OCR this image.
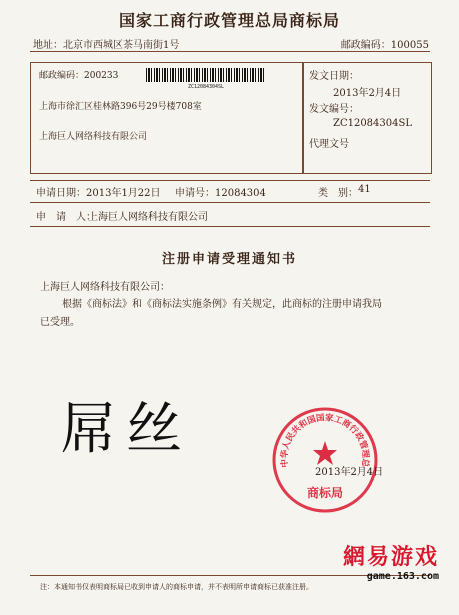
国家工商行政管理总局商标局
地址：北京市西城区茶马南街1号	邮政编码：100055
邮政编码：200233
上海市徐汇区桂林路396号29号楼708室
上海巨人网络科技有限公司
ZC12084304SL
发文日期：
2013年2月4日
发文编号：
ZC12084304SL
代理文号
申请日期：2013年1月22日 申请号：12084304	类　别： 41
申　请　人：
上海巨人网络科技有限公司
注册申请受理通知书
上海巨人网络科技有限公司：
根据《商标法》和《商标法实施条例》有关规定，此商标的注册申请我局
已受理。
屌丝
中华人民共和国国家工商行政管理总
商标局
2013年2月4日
注：本通知书仅表明商标局已收到申请人的商标申请，并不表明所申请商标已获准注册。
網易游戏
game.163.com
